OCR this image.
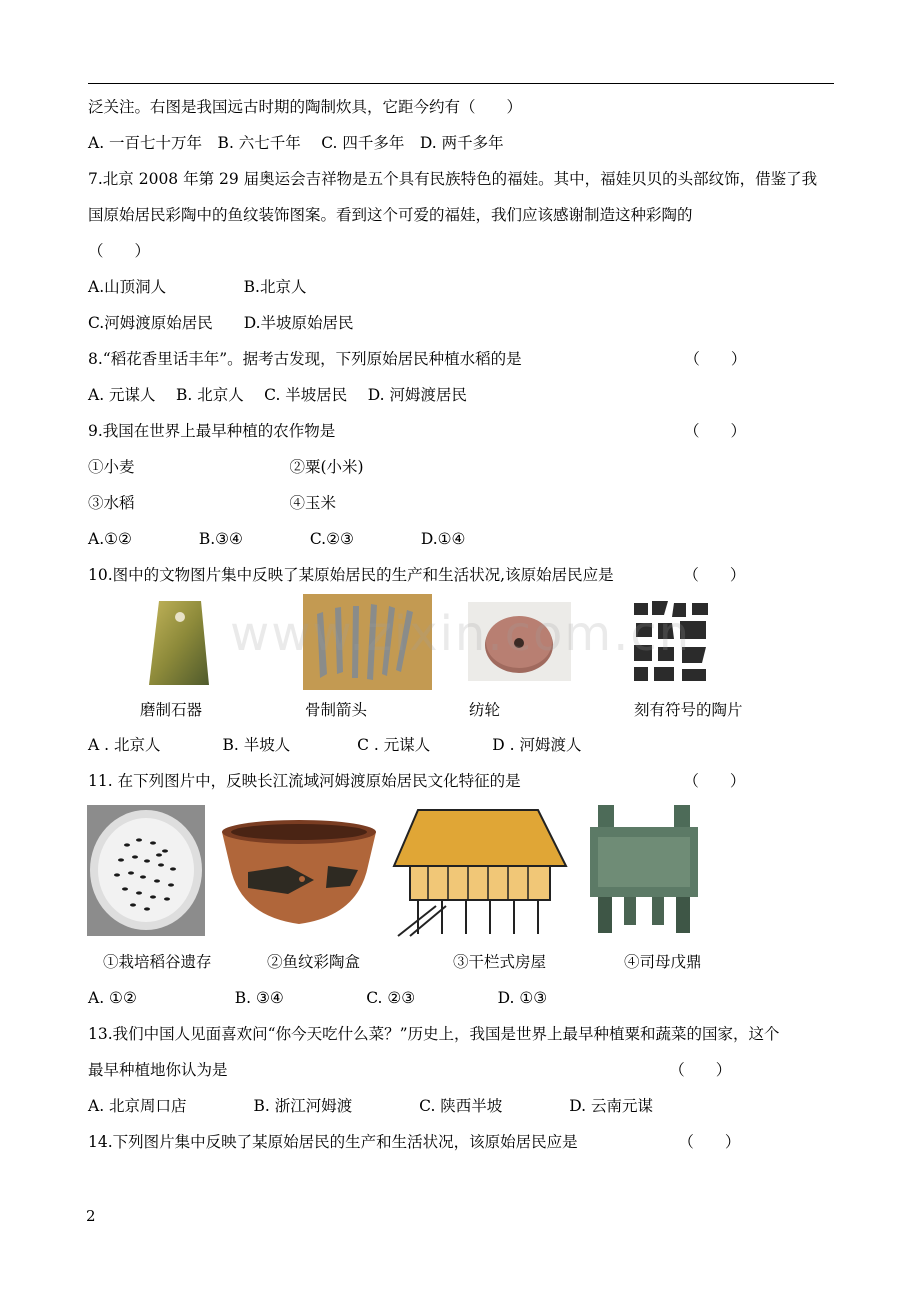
泛关注。右图是我国远古时期的陶制炊具，它距今约有（　　）
A. 一百七十万年　B. 六七千年　 C. 四千多年　D. 两千多年
7.北京 2008 年第 29 届奥运会吉祥物是五个具有民族特色的福娃。其中，福娃贝贝的头部纹饰，借鉴了我
国原始居民彩陶中的鱼纹装饰图案。看到这个可爱的福娃，我们应该感谢制造这种彩陶的
（　　）
A.山顶洞人　　　　　B.北京人
C.河姆渡原始居民　　D.半坡原始居民
8.“稻花香里话丰年”。据考古发现，下列原始居民种植水稻的是　　　　　　　　　　　（　　）
A. 元谋人　 B. 北京人　 C. 半坡居民　 D. 河姆渡居民
9.我国在世界上最早种植的农作物是　　　　　　　　　　　　　　　　　　　　　　　（　　）
①小麦　　　　　　　　　　②粟(小米)
③水稻　　　　　　　　　　④玉米
A.①②　　　　 B.③④　　　　 C.②③　　　　 D.①④
10.图中的文物图片集中反映了某原始居民的生产和生活状况,该原始居民应是　　　　　（　　）
磨制石器	骨制箭头	纺轮	刻有符号的陶片
A . 北京人　　　　B. 半坡人　　　　 C . 元谋人　　　　D . 河姆渡人
11. 在下列图片中，反映长江流域河姆渡原始居民文化特征的是　　　　　　　　　　　（　　）
①栽培稻谷遗存	②鱼纹彩陶盒	③干栏式房屋	④司母戊鼎
A. ①②　　　　　　 B. ③④　　　　　 C. ②③　　　　　 D. ①③
13.我们中国人见面喜欢问“你今天吃什么菜？”历史上，我国是世界上最早种植粟和蔬菜的国家，这个
最早种植地你认为是　　　　　　　　　　　　　　　　　　　　　　　　　　　　　（　　）
A. 北京周口店　　　　 B. 浙江河姆渡　　　　 C. 陕西半坡　　　　 D. 云南元谋
14.下列图片集中反映了某原始居民的生产和生活状况，该原始居民应是　　　　　　　（　　）
www.zixin.com.cn
2
